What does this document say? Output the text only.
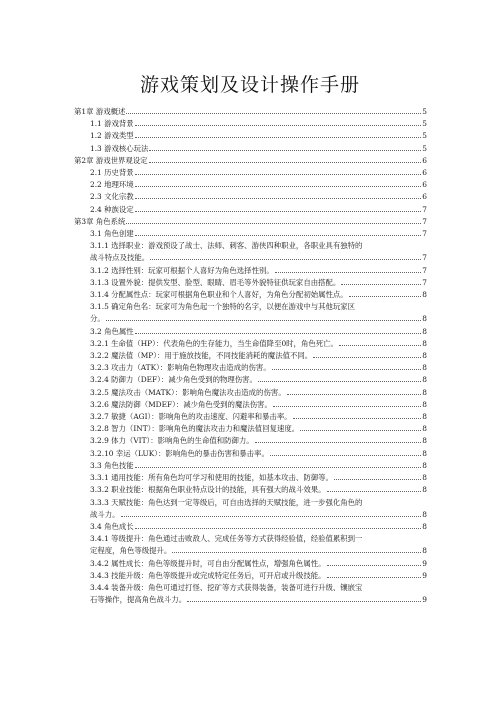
游戏策划及设计操作手册
第1章 游戏概述	5
1.1 游戏背景	5
1.2 游戏类型	5
1.3 游戏核心玩法	5
第2章 游戏世界观设定	6
2.1 历史背景	6
2.2 地理环境	6
2.3 文化宗教	6
2.4 种族设定	7
第3章 角色系统	7
3.1 角色创建	7
3.1.1 选择职业：游戏预设了战士、法师、刺客、游侠四种职业，各职业具有独特的
战斗特点及技能。	7
3.1.2 选择性别：玩家可根据个人喜好为角色选择性别。	7
3.1.3 设置外貌：提供发型、脸型、眼睛、眉毛等外貌特征供玩家自由搭配。	7
3.1.4 分配属性点：玩家可根据角色职业和个人喜好，为角色分配初始属性点。	8
3.1.5 确定角色名：玩家可为角色起一个独特的名字，以便在游戏中与其他玩家区
分。	8
3.2 角色属性	8
3.2.1 生命值（HP）：代表角色的生存能力，当生命值降至0时，角色死亡。	8
3.2.2 魔法值（MP）：用于施放技能，不同技能消耗的魔法值不同。	8
3.2.3 攻击力（ATK）：影响角色物理攻击造成的伤害。	8
3.2.4 防御力（DEF）：减少角色受到的物理伤害。	8
3.2.5 魔法攻击（MATK）：影响角色魔法攻击造成的伤害。	8
3.2.6 魔法防御（MDEF）：减少角色受到的魔法伤害。	8
3.2.7 敏捷（AGI）：影响角色的攻击速度、闪避率和暴击率。	8
3.2.8 智力（INT）：影响角色的魔法攻击力和魔法值回复速度。	8
3.2.9 体力（VIT）：影响角色的生命值和防御力。	8
3.2.10 幸运（LUK）：影响角色的暴击伤害和暴击率。	8
3.3 角色技能	8
3.3.1 通用技能：所有角色均可学习和使用的技能，如基本攻击、防御等。	8
3.3.2 职业技能：根据角色职业特点设计的技能，具有强大的战斗效果。	8
3.3.3 天赋技能：角色达到一定等级后，可自由选择的天赋技能，进一步强化角色的
战斗力。	8
3.4 角色成长	8
3.4.1 等级提升：角色通过击败敌人、完成任务等方式获得经验值，经验值累积到一
定程度，角色等级提升。	8
3.4.2 属性成长：角色等级提升时，可自由分配属性点，增强角色属性。	9
3.4.3 技能升级：角色等级提升或完成特定任务后，可开启或升级技能。	9
3.4.4 装备升级：角色可通过打怪、挖矿等方式获得装备，装备可进行升级、镶嵌宝
石等操作，提高角色战斗力。	9
